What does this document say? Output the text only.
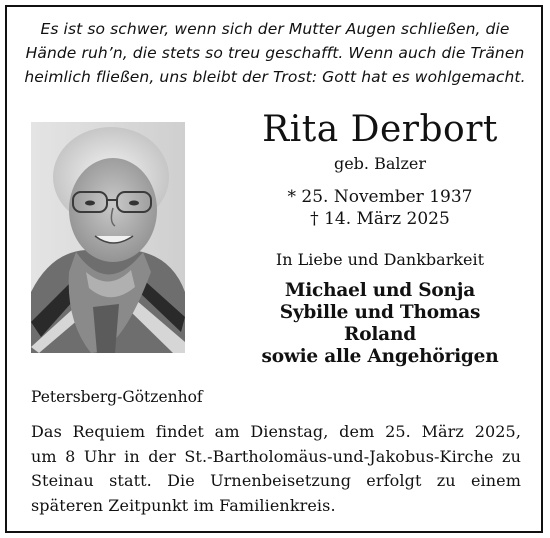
Es ist so schwer, wenn sich der Mutter Augen schließen, die
Hände ruh’n, die stets so treu geschafft. Wenn auch die Tränen
heimlich fließen, uns bleibt der Trost: Gott hat es wohlgemacht.
Rita Derbort
geb. Balzer
* 25. November 1937
† 14. März 2025
In Liebe und Dankbarkeit
Michael und Sonja
Sybille und Thomas
Roland
sowie alle Angehörigen
Petersberg-Götzenhof
Das Requiem findet am Dienstag, dem 25. März 2025,
um 8 Uhr in der St.-Bartholomäus-und-Jakobus-Kirche zu
Steinau statt. Die Urnenbeisetzung erfolgt zu einem
späteren Zeitpunkt im Familienkreis.
